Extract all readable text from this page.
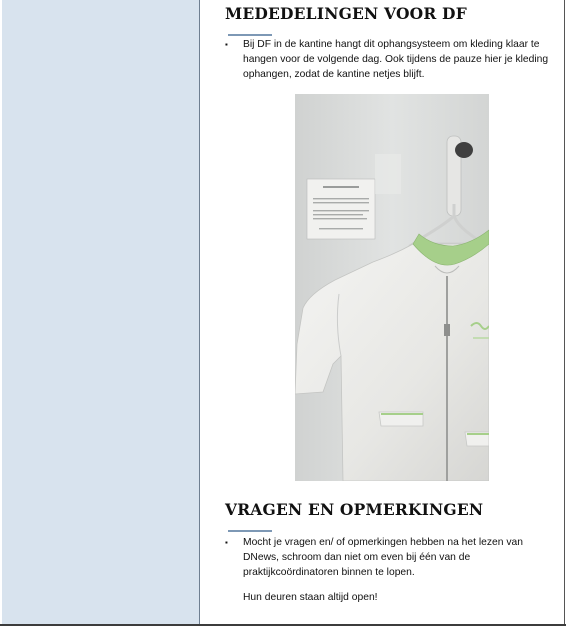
MEDEDELINGEN VOOR DF
▪	Bij DF in de kantine hangt dit ophangsysteem om kleding klaar te hangen voor de volgende dag. Ook tijdens de pauze hier je kleding ophangen, zodat de kantine netjes blijft.
VRAGEN EN OPMERKINGEN
▪	Mocht je vragen en/ of opmerkingen hebben na het lezen van DNews, schroom dan niet om even bij één van de praktijkcoördinatoren binnen te lopen.
Hun deuren staan altijd open!
